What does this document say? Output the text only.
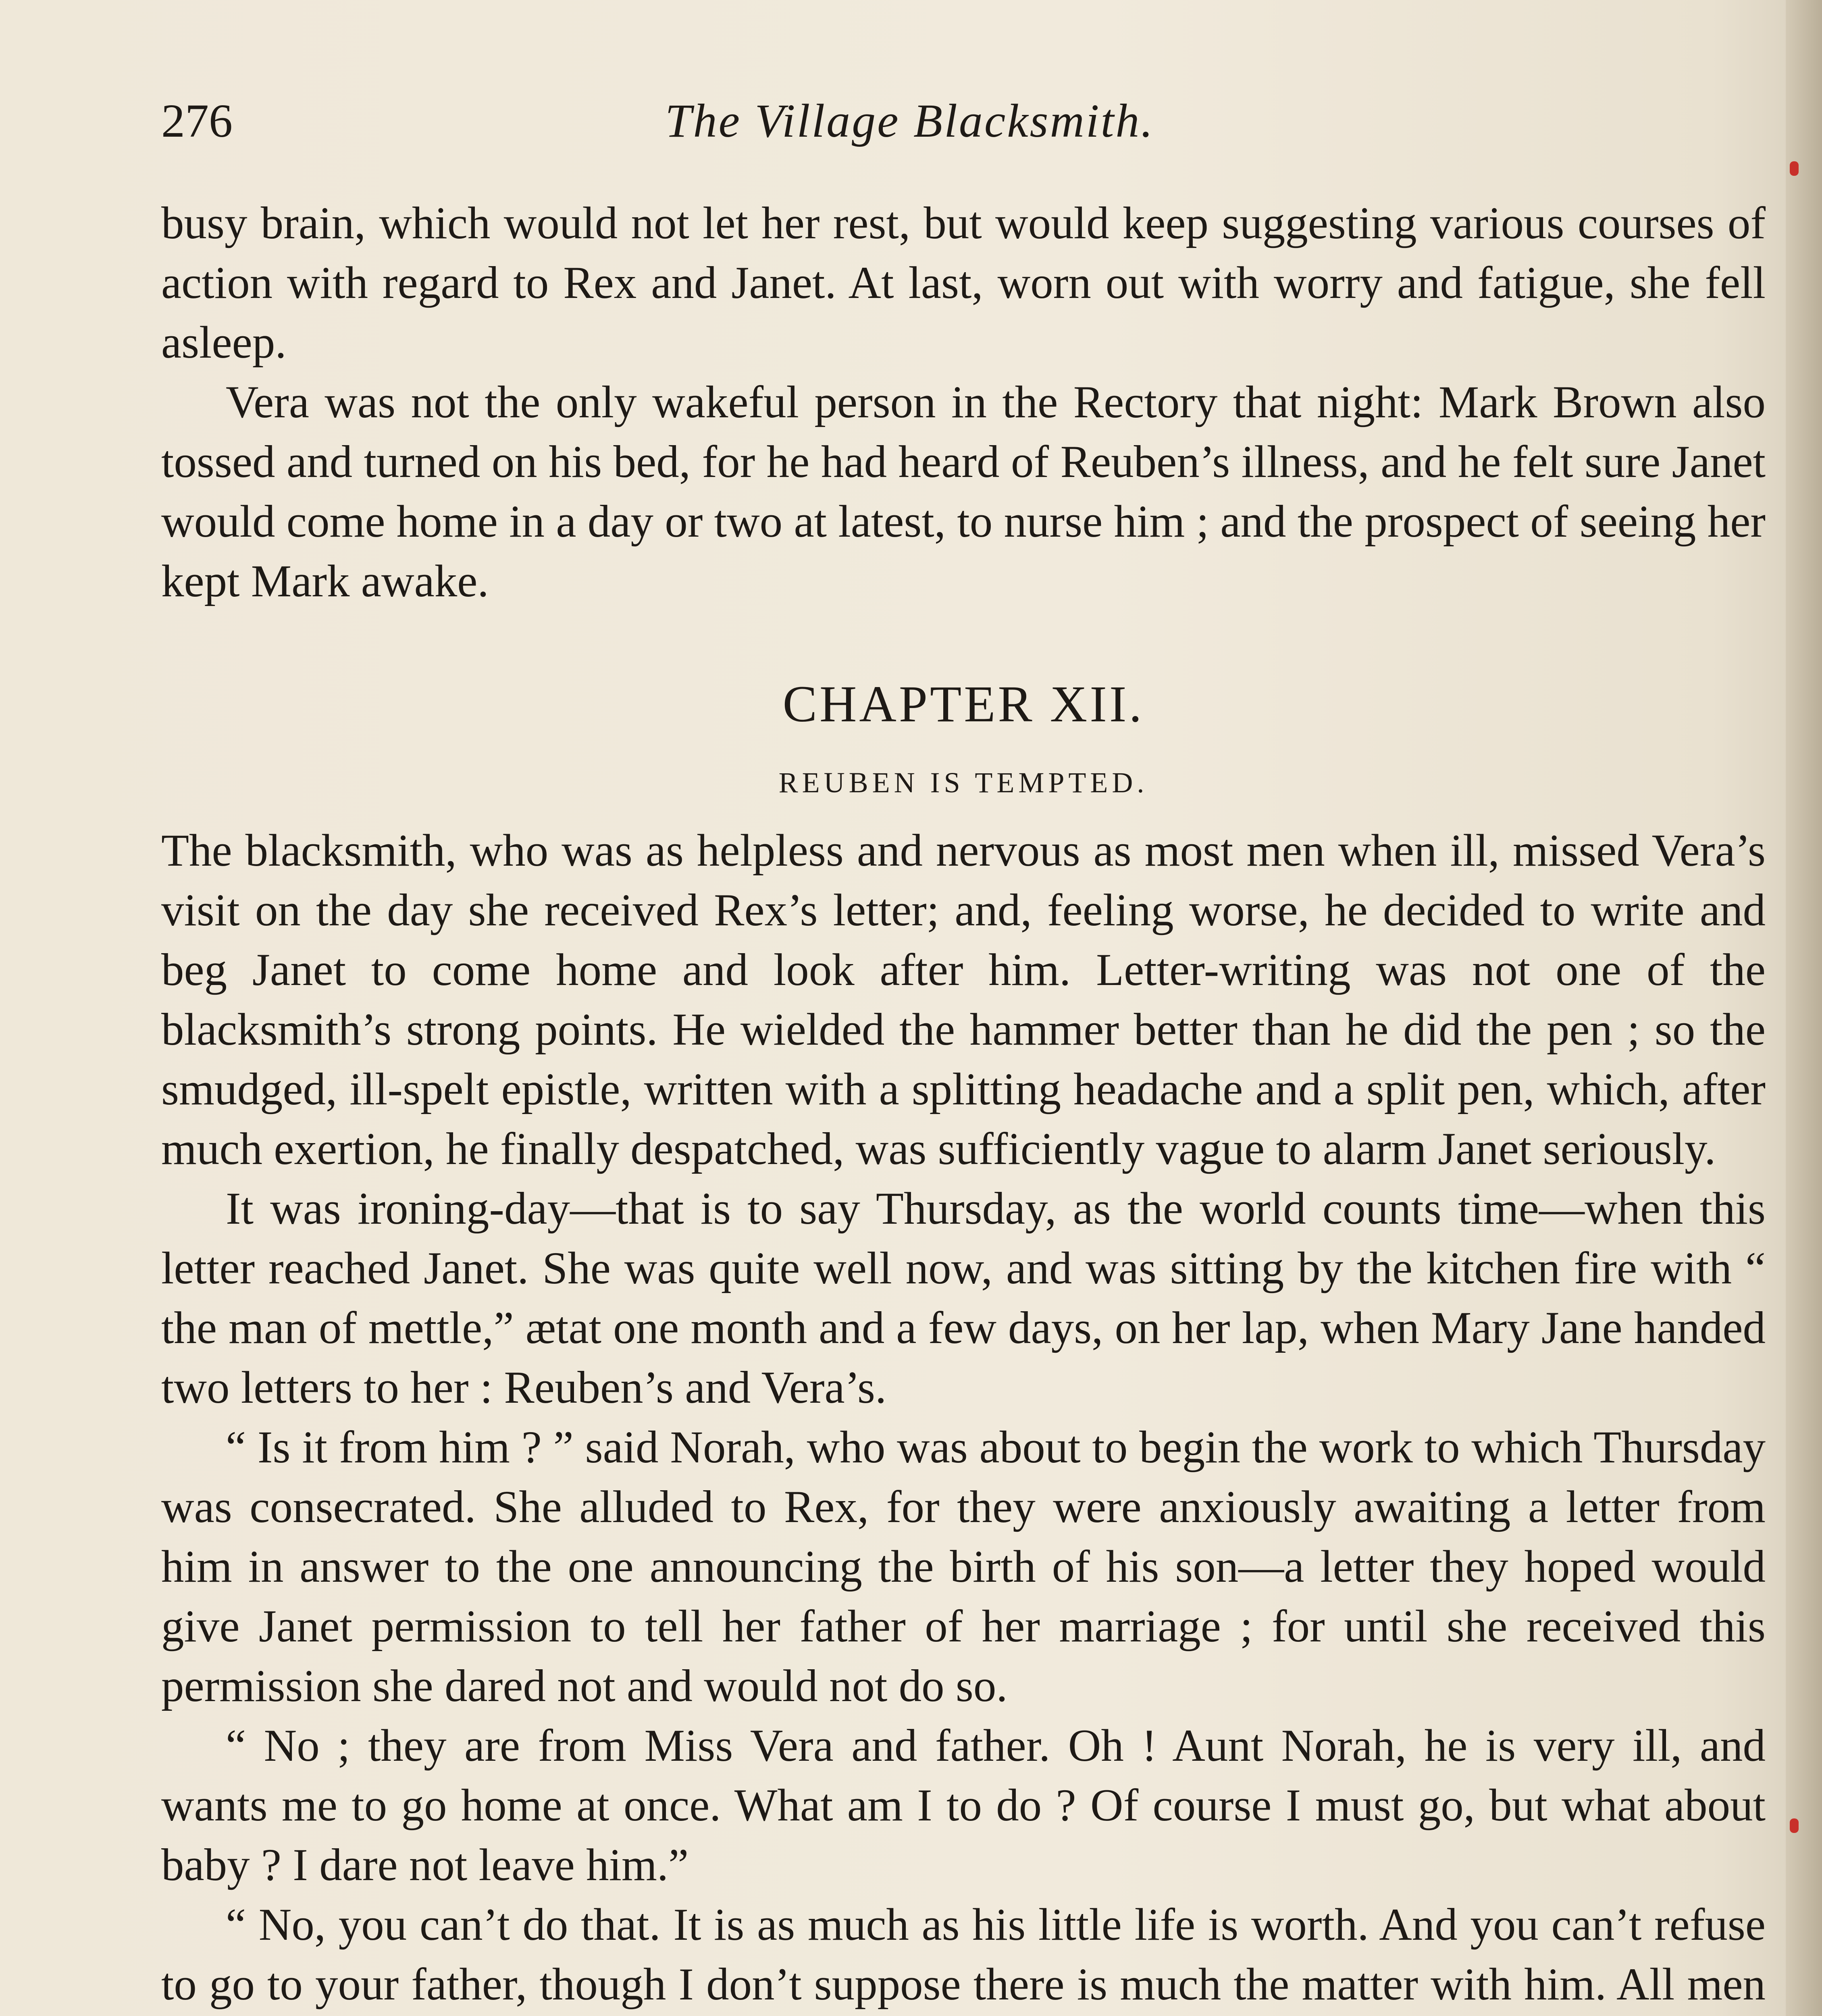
276	The Village Blacksmith.

busy brain, which would not let her rest, but would keep suggesting various courses of action with regard to Rex and Janet. At last, worn out with worry and fatigue, she fell asleep.

Vera was not the only wakeful person in the Rectory that night: Mark Brown also tossed and turned on his bed, for he had heard of Reuben’s illness, and he felt sure Janet would come home in a day or two at latest, to nurse him ; and the prospect of seeing her kept Mark awake.

CHAPTER XII.
REUBEN IS TEMPTED.

The blacksmith, who was as helpless and nervous as most men when ill, missed Vera’s visit on the day she received Rex’s letter; and, feeling worse, he decided to write and beg Janet to come home and look after him. Letter-writing was not one of the blacksmith’s strong points. He wielded the hammer better than he did the pen ; so the smudged, ill-spelt epistle, written with a splitting headache and a split pen, which, after much exertion, he finally despatched, was sufficiently vague to alarm Janet seriously.

It was ironing-day—that is to say Thursday, as the world counts time—when this letter reached Janet. She was quite well now, and was sitting by the kitchen fire with “ the man of mettle,” ætat one month and a few days, on her lap, when Mary Jane handed two letters to her : Reuben’s and Vera’s.

“ Is it from him ? ” said Norah, who was about to begin the work to which Thursday was consecrated. She alluded to Rex, for they were anxiously awaiting a letter from him in answer to the one announcing the birth of his son—a letter they hoped would give Janet permission to tell her father of her marriage ; for until she received this permission she dared not and would not do so.

“ No ; they are from Miss Vera and father. Oh ! Aunt Norah, he is very ill, and wants me to go home at once. What am I to do ? Of course I must go, but what about baby ? I dare not leave him.”

“ No, you can’t do that. It is as much as his little life is worth. And you can’t refuse to go to your father, though I don’t suppose there is much the matter with him. All men
